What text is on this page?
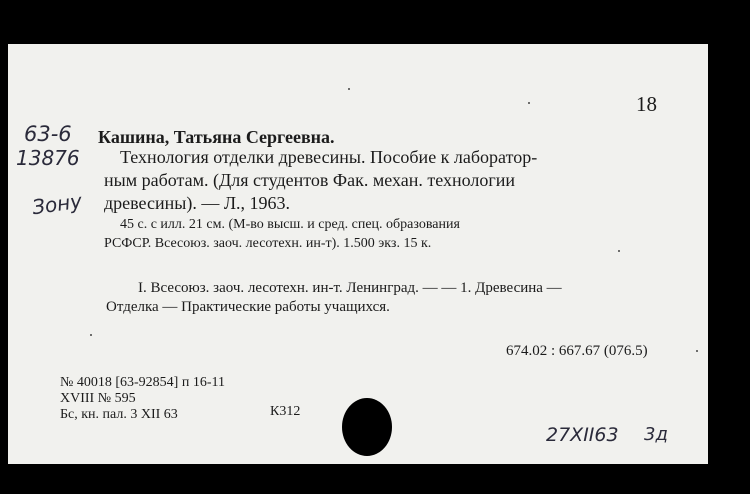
18
63-6
13876
Зону
Кашина, Татьяна Сергеевна.
Технология отделки древесины. Пособие к лаборатор-
ным работам. (Для студентов Фак. механ. технологии
древесины). — Л., 1963.
45 с. с илл. 21 см. (М-во высш. и сред. спец. образования
РСФСР. Всесоюз. заоч. лесотехн. ин-т). 1.500 экз. 15 к.
I. Всесоюз. заоч. лесотехн. ин-т. Ленинград. — — 1. Древесина —
Отделка — Практические работы учащихся.
674.02 : 667.67 (076.5)
№ 40018 [63-92854] п 16-11
XVIII № 595
Бс, кн. пал. 3 XII 63	К312
27XII63 3д
